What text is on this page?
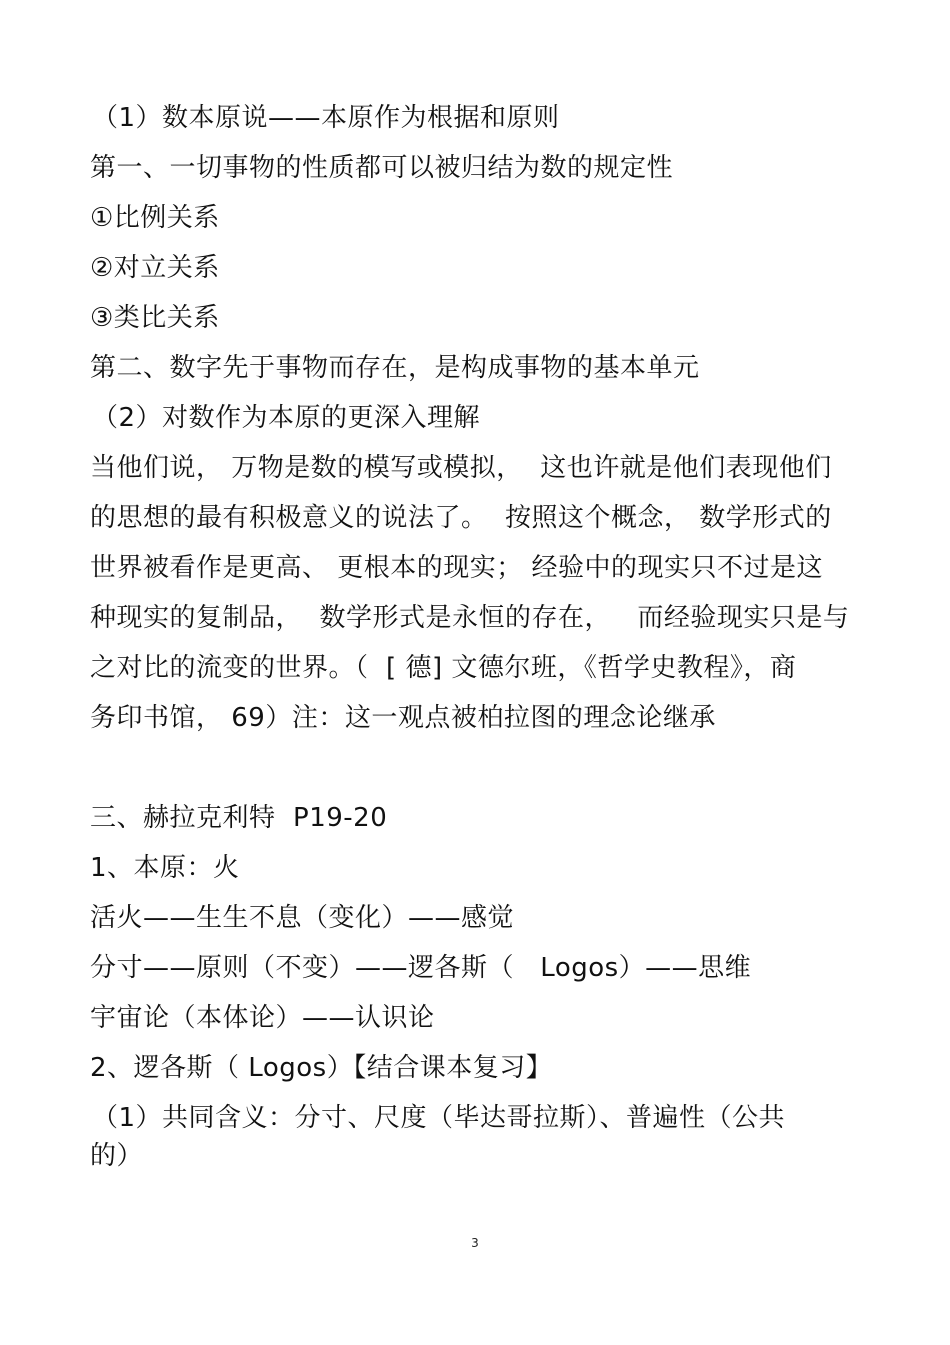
（1）数本原说——本原作为根据和原则
第一、一切事物的性质都可以被归结为数的规定性
①比例关系
②对立关系
③类比关系
第二、数字先于事物而存在，是构成事物的基本单元
（2）对数作为本原的更深入理解
当他们说， 万物是数的模写或模拟，  这也许就是他们表现他们
的思想的最有积极意义的说法了。  按照这个概念， 数学形式的
世界被看作是更高、 更根本的现实； 经验中的现实只不过是这
种现实的复制品，  数学形式是永恒的存在，   而经验现实只是与
之对比的流变的世界。（  [ 德] 文德尔班，《哲学史教程》，商
务印书馆， 69）注：这一观点被柏拉图的理念论继承
三、赫拉克利特  P19-20
1、本原：火
活火——生生不息（变化）——感觉
分寸——原则（不变）——逻各斯（   Logos）——思维
宇宙论（本体论）——认识论
2、逻各斯（ Logos）【结合课本复习】
（1）共同含义：分寸、尺度（毕达哥拉斯）、普遍性（公共
的）
3
